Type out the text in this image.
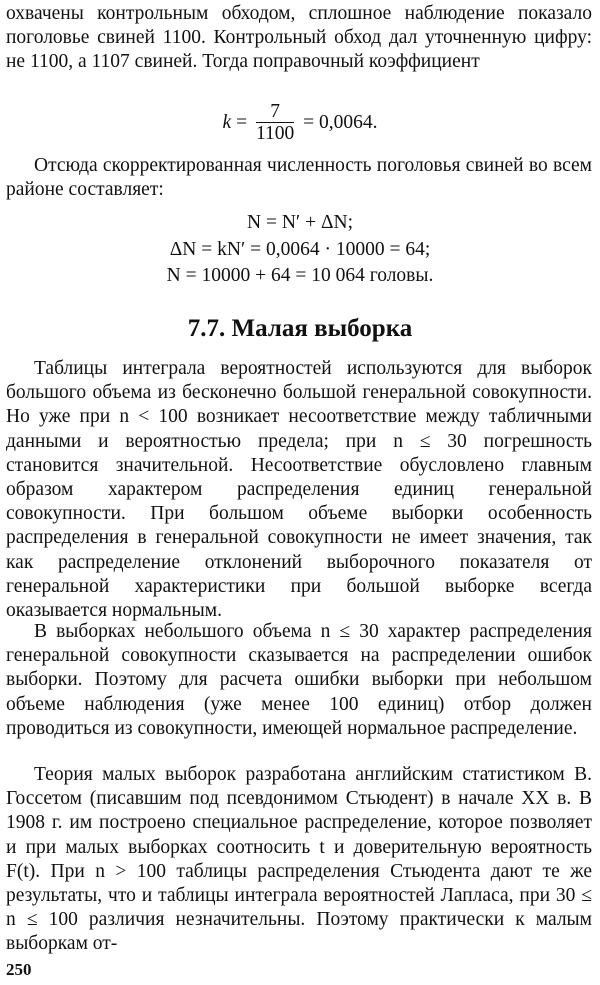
охвачены контрольным обходом, сплошное наблюдение показало поголовье свиней 1100. Контрольный обход дал уточненную цифру: не 1100, а 1107 свиней. Тогда поправочный коэффициент
$k = \frac{7}{1100} = 0,0064$.
Отсюда скорректированная численность поголовья свиней во всем районе составляет:
N = N′ + ΔN;
ΔN = kN′ = 0,0064 · 10000 = 64;
N = 10000 + 64 = 10 064 головы.
7.7. Малая выборка
Таблицы интеграла вероятностей используются для выборок большого объема из бесконечно большой генеральной совокупности. Но уже при n < 100 возникает несоответствие между табличными данными и вероятностью предела; при n ≤ 30 погрешность становится значительной. Несоответствие обусловлено главным образом характером распределения единиц генеральной совокупности. При большом объеме выборки особенность распределения в генеральной совокупности не имеет значения, так как распределение отклонений выборочного показателя от генеральной характеристики при большой выборке всегда оказывается нормальным.
В выборках небольшого объема n ≤ 30 характер распределения генеральной совокупности сказывается на распределении ошибок выборки. Поэтому для расчета ошибки выборки при небольшом объеме наблюдения (уже менее 100 единиц) отбор должен проводиться из совокупности, имеющей нормальное распределение.
Теория малых выборок разработана английским статистиком В. Госсетом (писавшим под псевдонимом Стьюдент) в начале XX в. В 1908 г. им построено специальное распределение, которое позволяет и при малых выборках соотносить t и доверительную вероятность F(t). При n > 100 таблицы распределения Стьюдента дают те же результаты, что и таблицы интеграла вероятностей Лапласа, при 30 ≤ n ≤ 100 различия незначительны. Поэтому практически к малым выборкам от-
250
